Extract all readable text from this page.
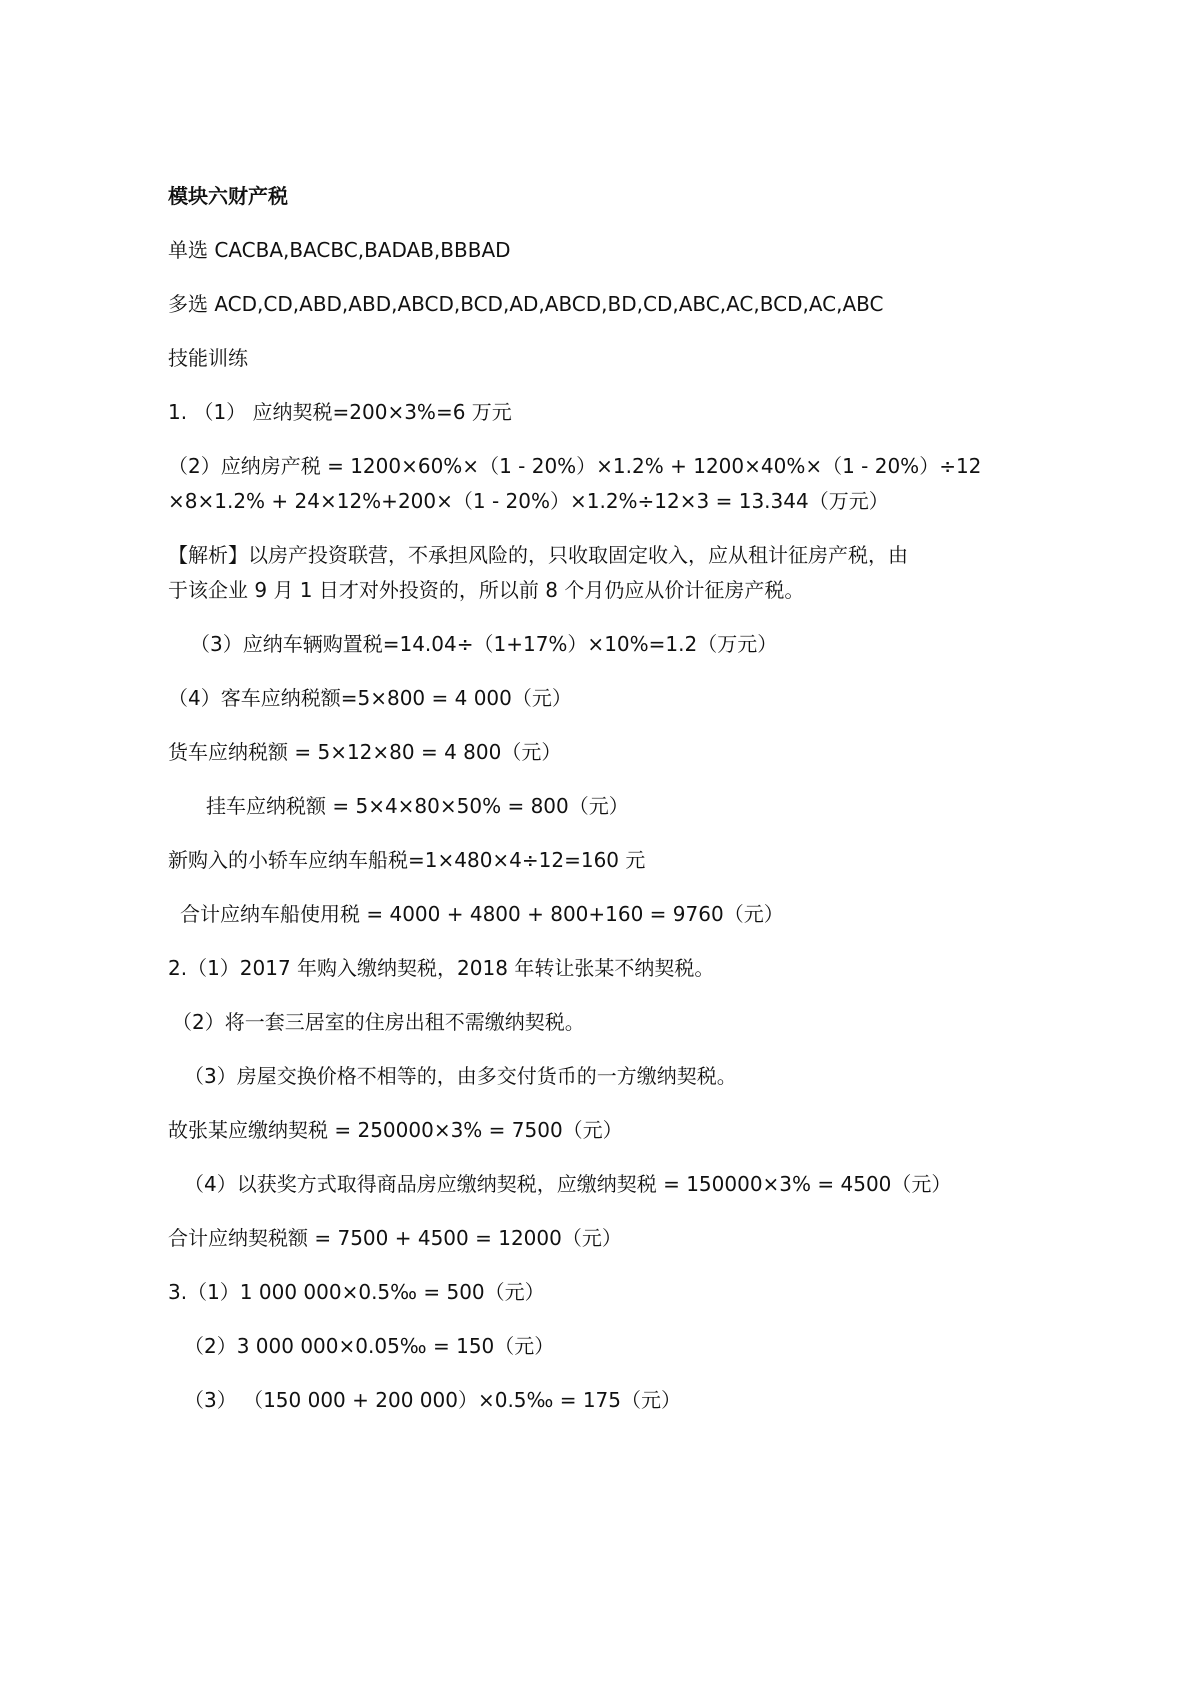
模块六财产税
单选 CACBA,BACBC,BADAB,BBBAD
多选 ACD,CD,ABD,ABD,ABCD,BCD,AD,ABCD,BD,CD,ABC,AC,BCD,AC,ABC
技能训练
1. （1） 应纳契税=200×3%=6 万元
（2）应纳房产税 = 1200×60%×（1 - 20%）×1.2% + 1200×40%×（1 - 20%）÷12
×8×1.2% + 24×12%+200×（1 - 20%）×1.2%÷12×3 = 13.344（万元）
【解析】以房产投资联营，不承担风险的，只收取固定收入，应从租计征房产税，由
于该企业 9 月 1 日才对外投资的，所以前 8 个月仍应从价计征房产税。
（3）应纳车辆购置税=14.04÷（1+17%）×10%=1.2（万元）
（4）客车应纳税额=5×800 = 4 000（元）
货车应纳税额 = 5×12×80 = 4 800（元）
挂车应纳税额 = 5×4×80×50% = 800（元）
新购入的小轿车应纳车船税=1×480×4÷12=160 元
合计应纳车船使用税 = 4000 + 4800 + 800+160 = 9760（元）
2.（1）2017 年购入缴纳契税，2018 年转让张某不纳契税。
（2）将一套三居室的住房出租不需缴纳契税。
（3）房屋交换价格不相等的，由多交付货币的一方缴纳契税。
故张某应缴纳契税 = 250000×3% = 7500（元）
（4）以获奖方式取得商品房应缴纳契税，应缴纳契税 = 150000×3% = 4500（元）
合计应纳契税额 = 7500 + 4500 = 12000（元）
3.（1）1 000 000×0.5‰ = 500（元）
（2）3 000 000×0.05‰ = 150（元）
（3） （150 000 + 200 000）×0.5‰ = 175（元）
